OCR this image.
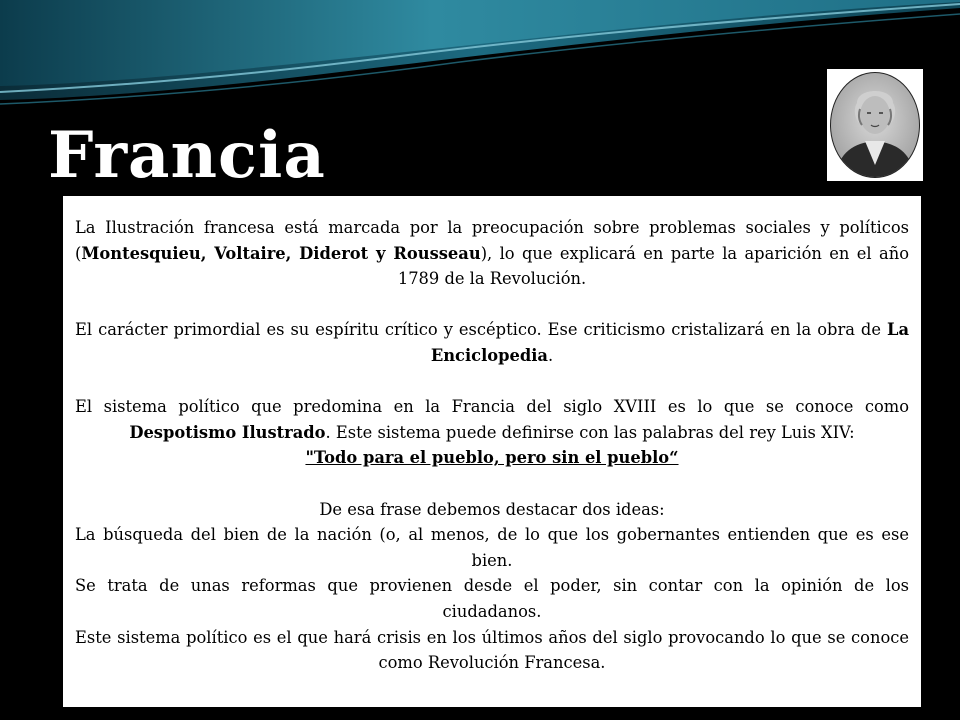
Francia

La Ilustración francesa está marcada por la preocupación sobre problemas sociales y políticos (Montesquieu, Voltaire, Diderot y Rousseau), lo que explicará en parte la aparición en el año 1789 de la Revolución.

El carácter primordial es su espíritu crítico y escéptico. Ese criticismo cristalizará en la obra de La Enciclopedia.

El sistema político que predomina en la Francia del siglo XVIII es lo que se conoce como Despotismo Ilustrado. Este sistema puede definirse con las palabras del rey Luis XIV:

"Todo para el pueblo, pero sin el pueblo“

De esa frase debemos destacar dos ideas:

La búsqueda del bien de la nación (o, al menos, de lo que los gobernantes entienden que es ese bien.

Se trata de unas reformas que provienen desde el poder, sin contar con la opinión de los ciudadanos.

Este sistema político es el que hará crisis en los últimos años del siglo provocando lo que se conoce como Revolución Francesa.
